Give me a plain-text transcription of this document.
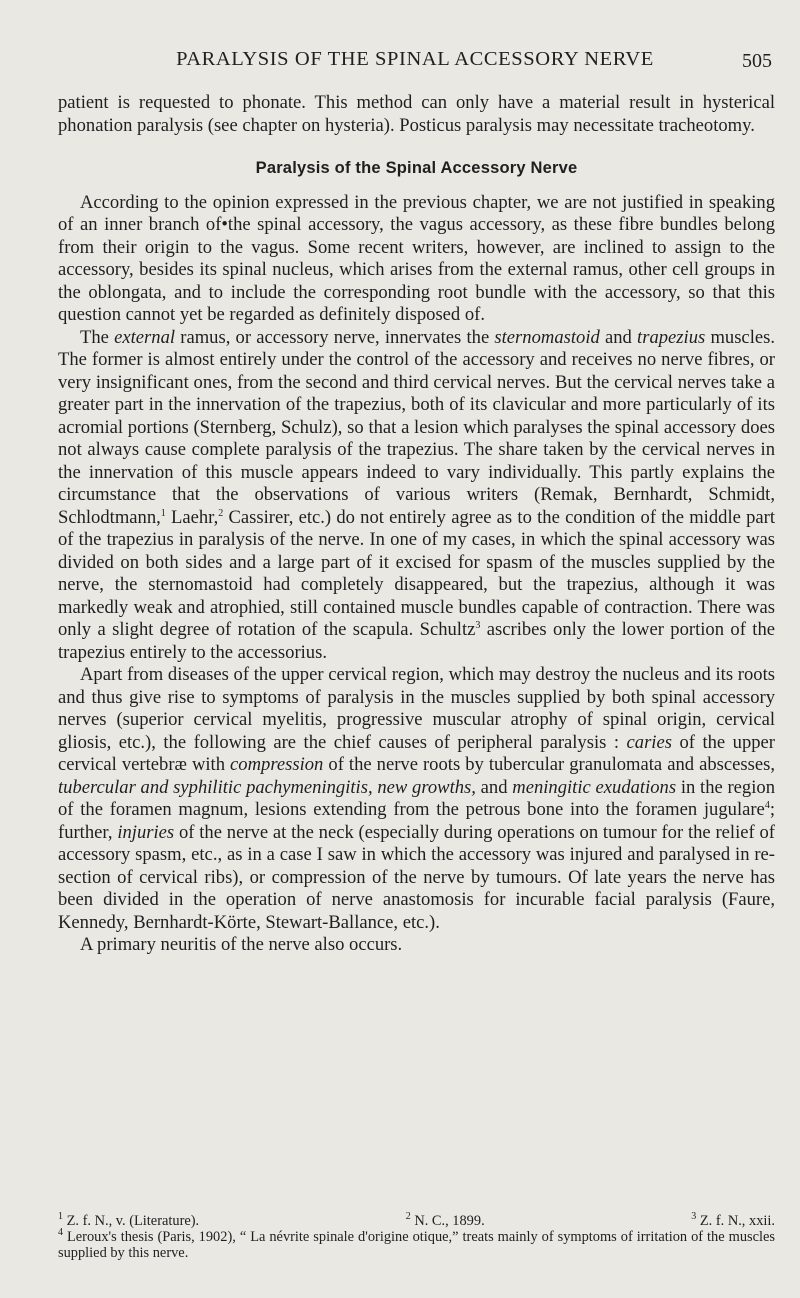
PARALYSIS OF THE SPINAL ACCESSORY NERVE	505

patient is requested to phonate. This method can only have a material result in hysterical phonation paralysis (see chapter on hysteria). Posticus paralysis may necessitate tracheotomy.

Paralysis of the Spinal Accessory Nerve

According to the opinion expressed in the previous chapter, we are not justified in speaking of an inner branch of•the spinal accessory, the vagus accessory, as these fibre bundles belong from their origin to the vagus. Some recent writers, however, are inclined to assign to the accessory, besides its spinal nucleus, which arises from the external ramus, other cell groups in the oblongata, and to include the corresponding root bundle with the accessory, so that this question cannot yet be regarded as definitely disposed of.

The external ramus, or accessory nerve, innervates the sternomastoid and trapezius muscles. The former is almost entirely under the control of the accessory and receives no nerve fibres, or very insignificant ones, from the second and third cervical nerves. But the cervical nerves take a greater part in the innervation of the trapezius, both of its clavicular and more particularly of its acromial portions (Sternberg, Schulz), so that a lesion which paralyses the spinal accessory does not always cause complete paralysis of the trapezius. The share taken by the cervical nerves in the innervation of this muscle appears indeed to vary individually. This partly explains the circumstance that the observations of various writers (Remak, Bernhardt, Schmidt, Schlodtmann,$^1$ Laehr,$^2$ Cassirer, etc.) do not entirely agree as to the condition of the middle part of the trapezius in paralysis of the nerve. In one of my cases, in which the spinal accessory was divided on both sides and a large part of it excised for spasm of the muscles supplied by the nerve, the sternomastoid had completely disappeared, but the trapezius, although it was markedly weak and atrophied, still contained muscle bundles capable of contraction. There was only a slight degree of rotation of the scapula. Schultz$^3$ ascribes only the lower portion of the trapezius entirely to the accessorius.

Apart from diseases of the upper cervical region, which may destroy the nucleus and its roots and thus give rise to symptoms of paralysis in the muscles supplied by both spinal accessory nerves (superior cervical myelitis, progressive muscular atrophy of spinal origin, cervical gliosis, etc.), the following are the chief causes of peripheral paralysis : caries of the upper cervical vertebræ with compression of the nerve roots by tubercular granulomata and abscesses, tubercular and syphilitic pachymeningitis, new growths, and meningitic exudations in the region of the foramen magnum, lesions extending from the petrous bone into the foramen jugulare$^4$; further, injuries of the nerve at the neck (especially during operations on tumour for the relief of accessory spasm, etc., as in a case I saw in which the accessory was injured and paralysed in re-section of cervical ribs), or compression of the nerve by tumours. Of late years the nerve has been divided in the operation of nerve anastomosis for incurable facial paralysis (Faure, Kennedy, Bernhardt-Körte, Stewart-Ballance, etc.).

A primary neuritis of the nerve also occurs.

$^1$ Z. f. N., v. (Literature).	$^2$ N. C., 1899.	$^3$ Z. f. N., xxii.

$^4$ Leroux's thesis (Paris, 1902), “ La névrite spinale d'origine otique,” treats mainly of symptoms of irritation of the muscles supplied by this nerve.
